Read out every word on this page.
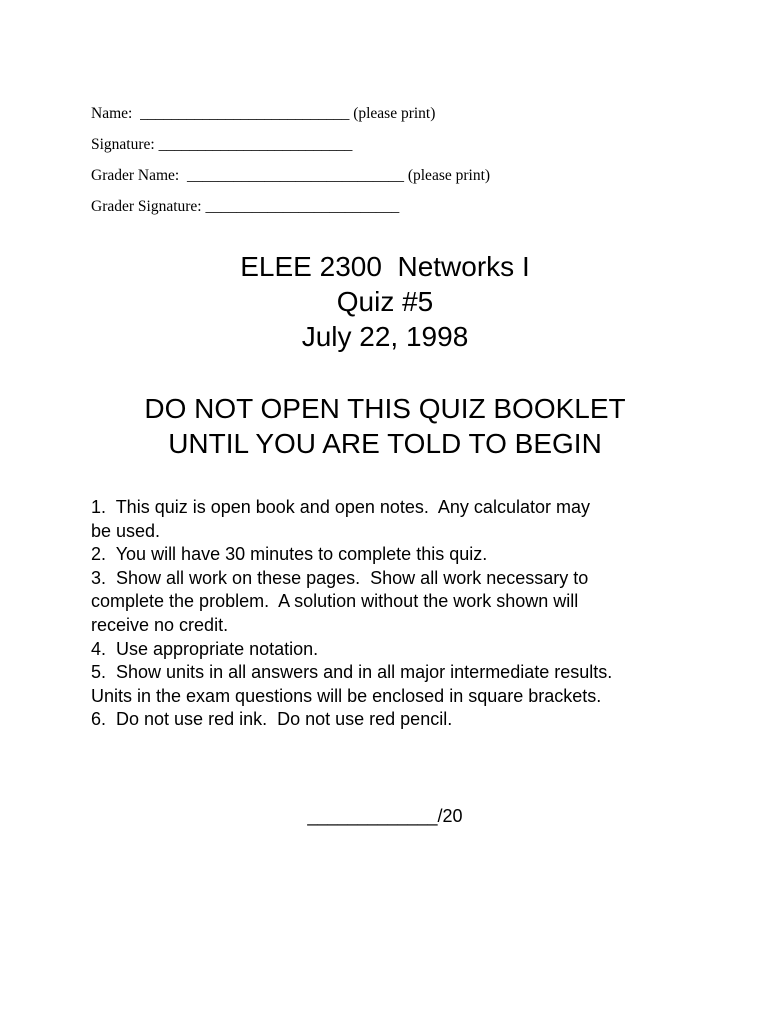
Name:  ___________________________ (please print)
Signature: _________________________
Grader Name:  ____________________________ (please print)
Grader Signature: _________________________
ELEE 2300  Networks I
Quiz #5
July 22, 1998
DO NOT OPEN THIS QUIZ BOOKLET
UNTIL YOU ARE TOLD TO BEGIN
1.  This quiz is open book and open notes.  Any calculator may
be used.
2.  You will have 30 minutes to complete this quiz.
3.  Show all work on these pages.  Show all work necessary to
complete the problem.  A solution without the work shown will
receive no credit.
4.  Use appropriate notation.
5.  Show units in all answers and in all major intermediate results.
Units in the exam questions will be enclosed in square brackets.
6.  Do not use red ink.  Do not use red pencil.
_____________/20
